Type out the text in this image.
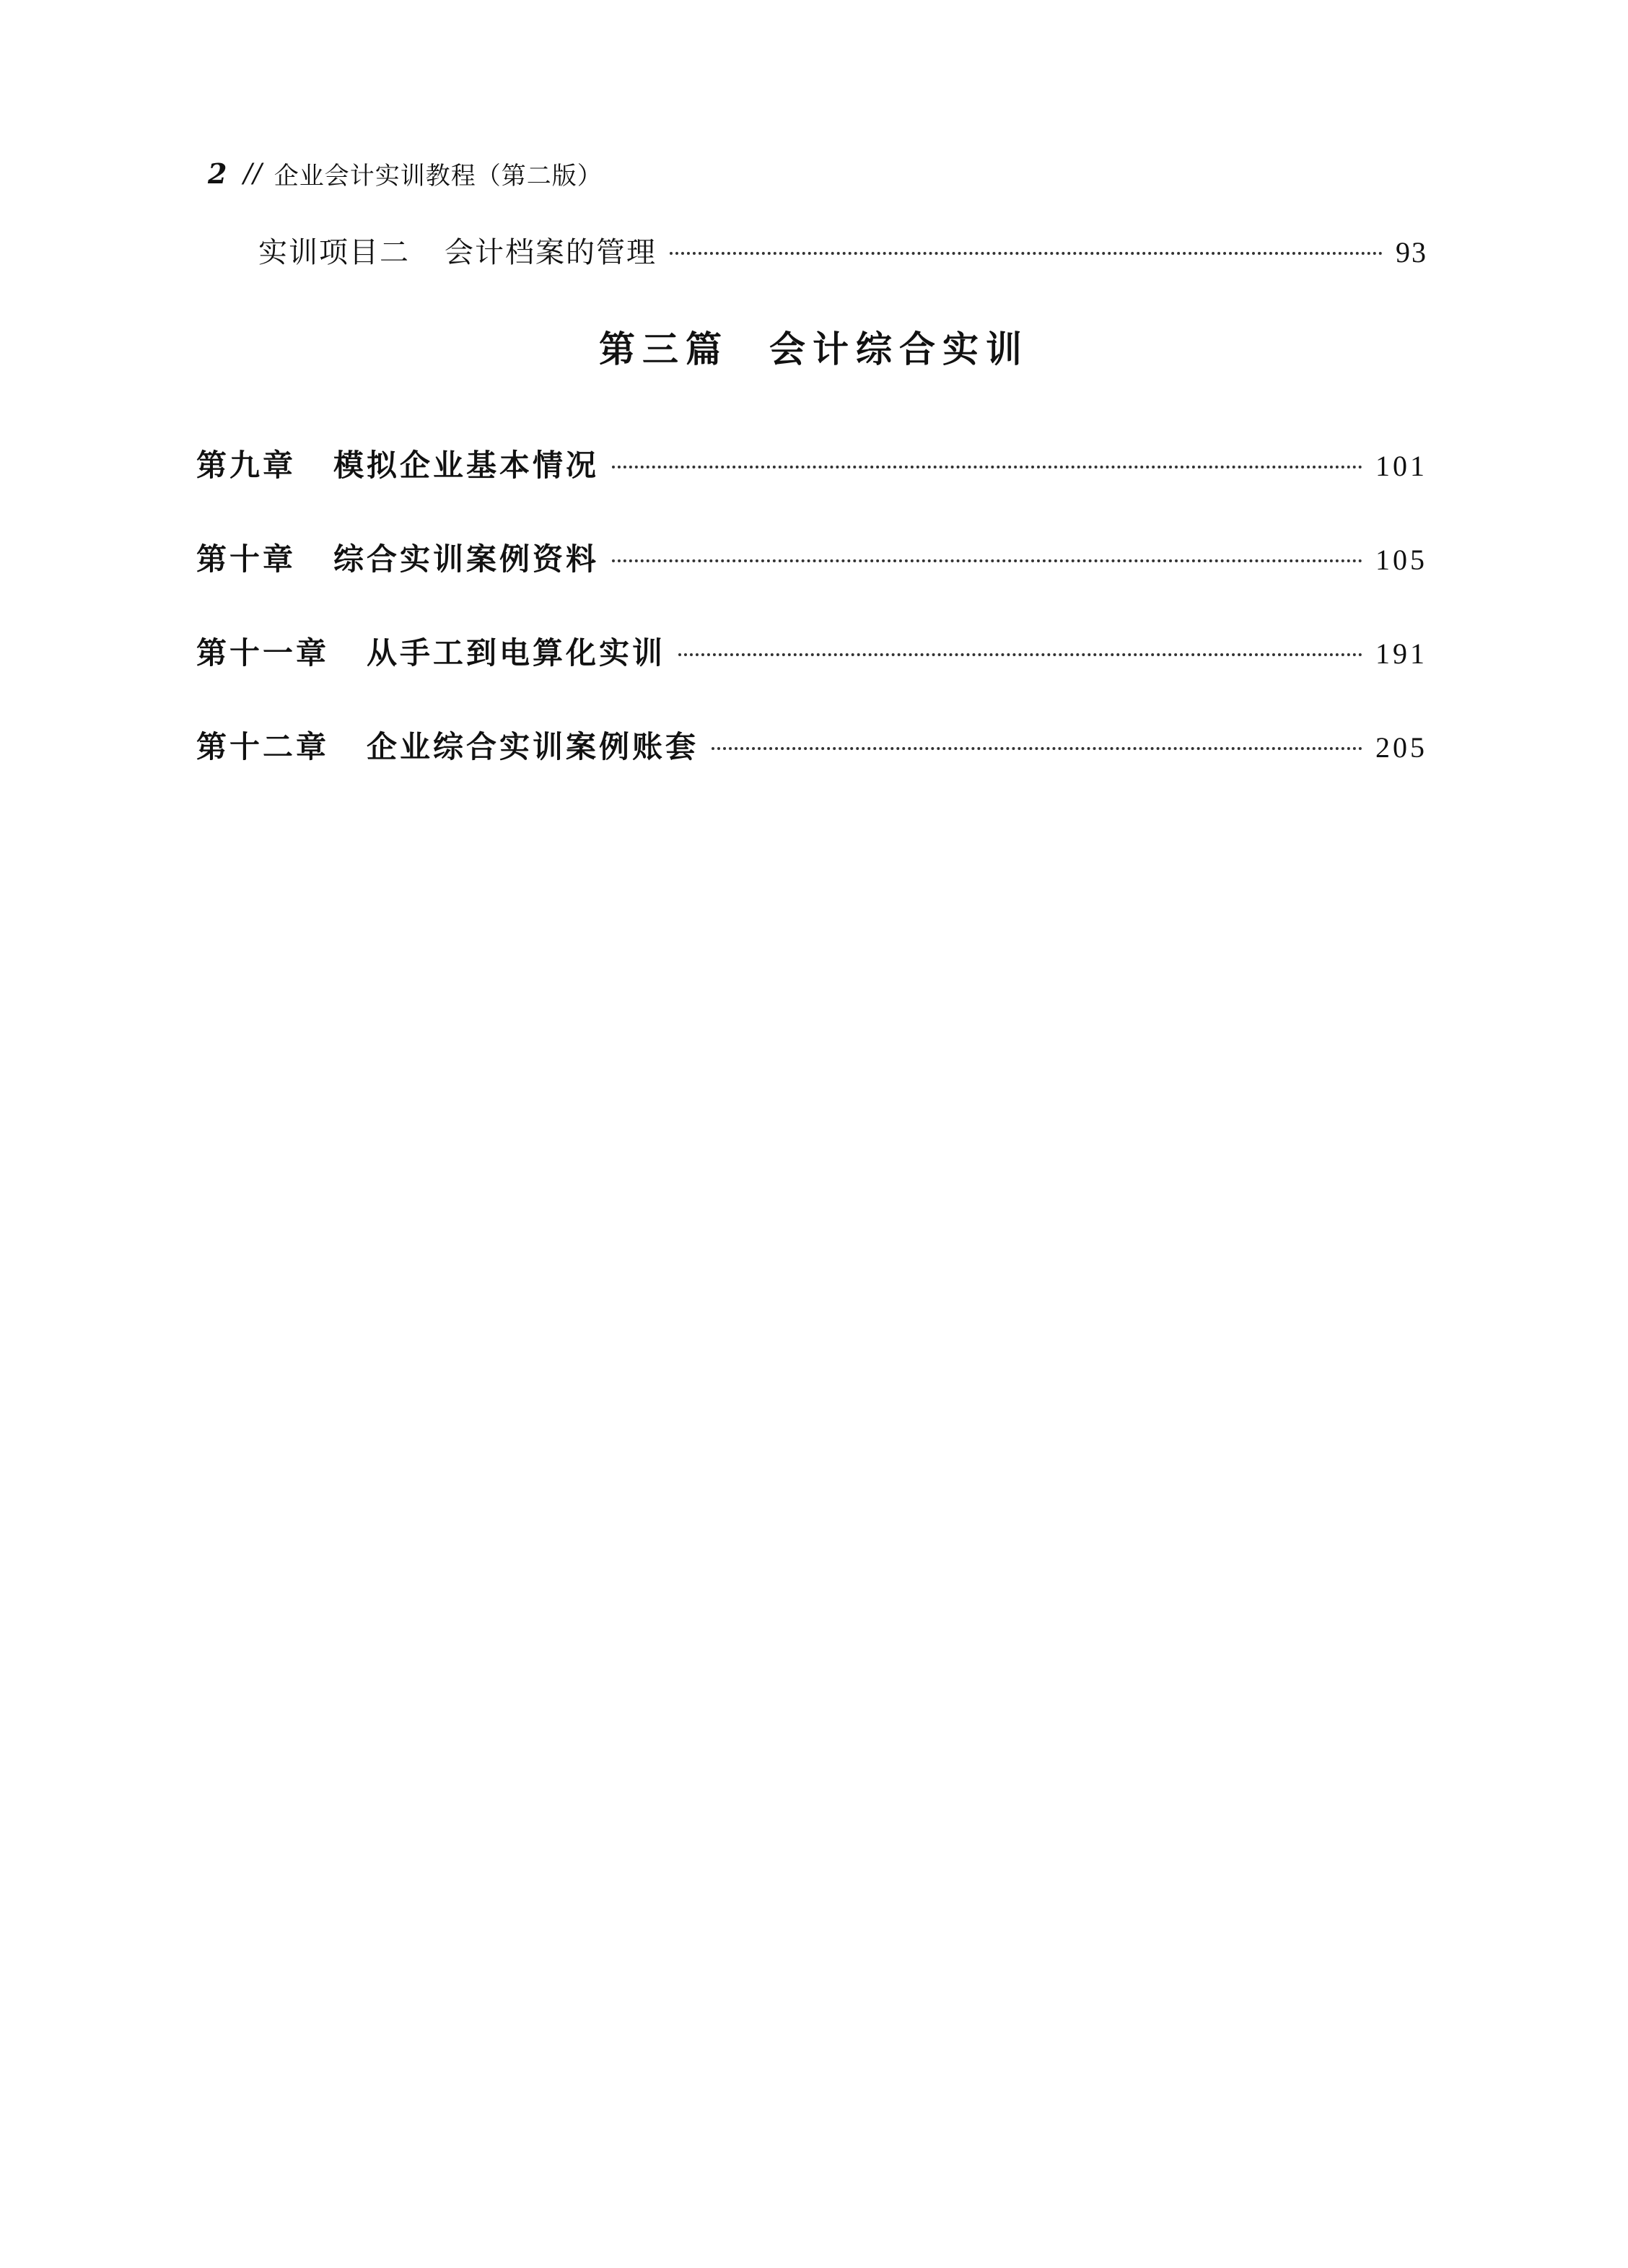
2 // 企业会计实训教程（第二版）
实训项目二 会计档案的管理	93
第三篇 会计综合实训
第九章 模拟企业基本情况	101
第十章 综合实训案例资料	105
第十一章 从手工到电算化实训	191
第十二章 企业综合实训案例账套	205
